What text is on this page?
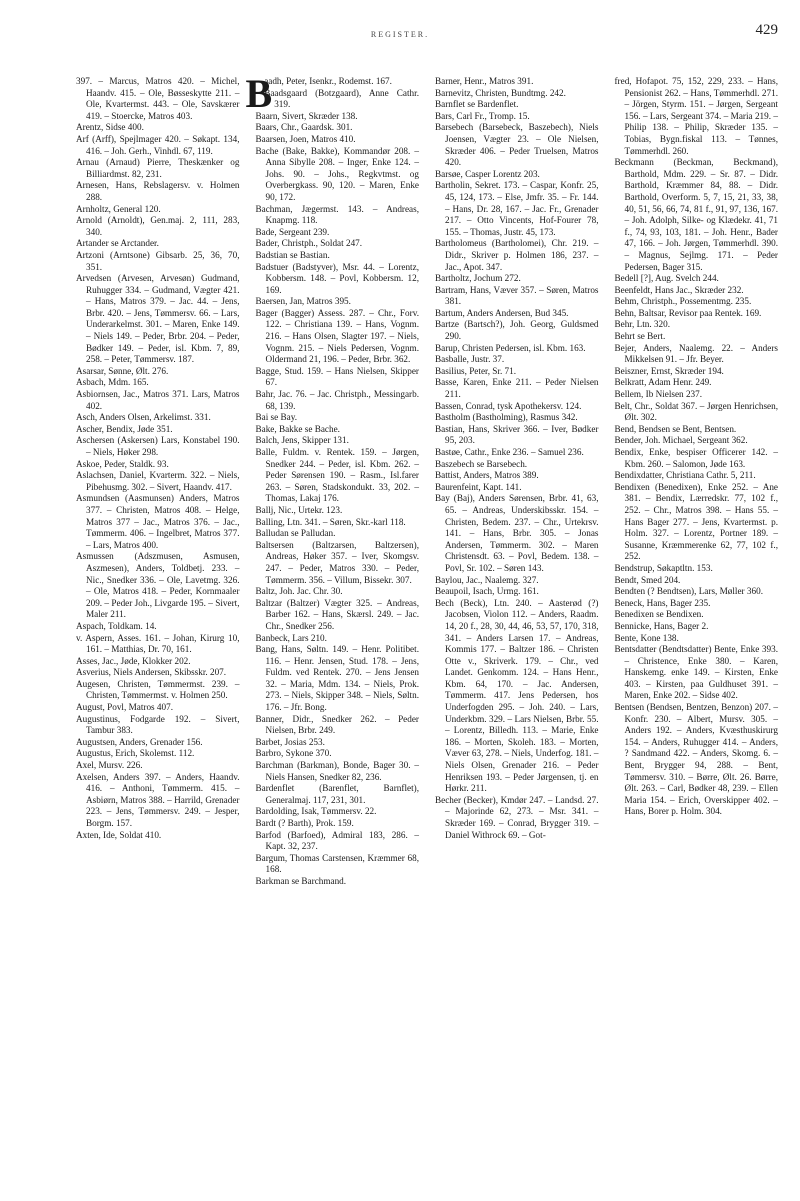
REGISTER.	429

397. – Marcus, Matros 420. – Michel, Haandv. 415. – Ole, Bøsseskytte 211. – Ole, Kvartermst. 443. – Ole, Savskærer 419. – Stoercke, Matros 403.

Arentz, Sidse 400.

Arf (Arff), Spejlmager 420. – Søkapt. 134, 416. – Joh. Gerh., Vinhdl. 67, 119.

Arnau (Arnaud) Pierre, Theskænker og Billiardmst. 82, 231.

Arnesen, Hans, Rebslagersv. v. Holmen 288.

Arnholtz, General 120.

Arnold (Arnoldt), Gen.maj. 2, 111, 283, 340.

Artander se Arctander.

Artzoni (Arntsone) Gibsarb. 25, 36, 70, 351.

Arvedsen (Arvesen, Arvesøn) Gudmand, Ruhugger 334. – Gudmand, Vægter 421. – Hans, Matros 379. – Jac. 44. – Jens, Brbr. 420. – Jens, Tømmersv. 66. – Lars, Underarkelmst. 301. – Maren, Enke 149. – Niels 149. – Peder, Brbr. 204. – Peder, Bødker 149. – Peder, isl. Kbm. 7, 89, 258. – Peter, Tømmersv. 187.

Asarsar, Sønne, Ølt. 276.

Asbach, Mdm. 165.

Asbiornsen, Jac., Matros 371. Lars, Matros 402.

Asch, Anders Olsen, Arkelimst. 331.

Ascher, Bendix, Jøde 351.

Aschersen (Askersen) Lars, Konstabel 190. – Niels, Høker 298.

Askoe, Peder, Staldk. 93.

Aslachsen, Daniel, Kvarterm. 322. – Niels, Pibehusmg. 302. – Sivert, Haandv. 417.

Asmundsen (Aasmunsen) Anders, Matros 377. – Christen, Matros 408. – Helge, Matros 377 – Jac., Matros 376. – Jac., Tømmerm. 406. – Ingelbret, Matros 377. – Lars, Matros 400.

Asmussen (Adszmusen, Asmusen, Aszmesen), Anders, Toldbetj. 233. – Nic., Snedker 336. – Ole, Lavetmg. 326. – Ole, Matros 418. – Peder, Kornmaaler 209. – Peder Joh., Livgarde 195. – Sivert, Maler 211.

Aspach, Toldkam. 14.

v. Aspern, Asses. 161. – Johan, Kirurg 10, 161. – Matthias, Dr. 70, 161.

Asses, Jac., Jøde, Klokker 202.

Asverius, Niels Andersen, Skibsskr. 207.

Augesen, Christen, Tømmermst. 239. – Christen, Tømmermst. v. Holmen 250.

August, Povl, Matros 407.

Augustinus, Fodgarde 192. – Sivert, Tambur 383.

Augustsen, Anders, Grenader 156.

Augustus, Erich, Skolemst. 112.

Axel, Mursv. 226.

Axelsen, Anders 397. – Anders, Haandv. 416. – Anthoni, Tømmerm. 415. – Asbiørn, Matros 388. – Harrild, Grenader 223. – Jens, Tømmersv. 249. – Jesper, Borgm. 157.

Axten, Ide, Soldat 410.

B
aadh, Peter, Isenkr., Rodemst. 167.

Baadsgaard (Botzgaard), Anne Cathr. 319.

Baarn, Sivert, Skræder 138.

Baars, Chr., Gaardsk. 301.

Baarsen, Joen, Matros 410.

Bache (Bake, Bakke), Kommandør 208. – Anna Sibylle 208. – Inger, Enke 124. – Johs. 90. – Johs., Regkvtmst. og Overbergkass. 90, 120. – Maren, Enke 90, 172.

Bachman, Jægermst. 143. – Andreas, Knapmg. 118.

Bade, Sergeant 239.

Bader, Christph., Soldat 247.

Badstian se Bastian.

Badstuer (Badstyver), Msr. 44. – Lorentz, Kobbersm. 148. – Povl, Kobbersm. 12, 169.

Baersen, Jan, Matros 395.

Bager (Bagger) Assess. 287. – Chr., Forv. 122. – Christiana 139. – Hans, Vognm. 216. – Hans Olsen, Slagter 197. – Niels, Vognm. 215. – Niels Pedersen, Vognm. Oldermand 21, 196. – Peder, Brbr. 362.

Bagge, Stud. 159. – Hans Nielsen, Skipper 67.

Bahr, Jac. 76. – Jac. Christph., Messingarb. 68, 139.

Bai se Bay.

Bake, Bakke se Bache.

Balch, Jens, Skipper 131.

Balle, Fuldm. v. Rentek. 159. – Jørgen, Snedker 244. – Peder, isl. Kbm. 262. – Peder Sørensen 190. – Rasm., Isl.farer 263. – Søren, Stadskondukt. 33, 202. – Thomas, Lakaj 176.

Ballj, Nic., Urtekr. 123.

Balling, Ltn. 341. – Søren, Skr.-karl 118.

Balludan se Palludan.

Baltsersen (Baltzarsen, Baltzersen), Andreas, Høker 357. – Iver, Skomgsv. 247. – Peder, Matros 330. – Peder, Tømmerm. 356. – Villum, Bissekr. 307.

Baltz, Joh. Jac. Chr. 30.

Baltzar (Baltzer) Vægter 325. – Andreas, Barber 162. – Hans, Skærsl. 249. – Jac. Chr., Snedker 256.

Banbeck, Lars 210.

Bang, Hans, Søltn. 149. – Henr. Politibet. 116. – Henr. Jensen, Stud. 178. – Jens, Fuldm. ved Rentek. 270. – Jens Jensen 32. – Maria, Mdm. 134. – Niels, Prok. 273. – Niels, Skipper 348. – Niels, Søltn. 176. – Jfr. Bong.

Banner, Didr., Snedker 262. – Peder Nielsen, Brbr. 249.

Barbet, Josias 253.

Barbro, Sykone 370.

Barchman (Barkman), Bonde, Bager 30. – Niels Hansen, Snedker 82, 236.

Bardenflet (Barenflet, Barnflet), Generalmaj. 117, 231, 301.

Bardolding, Isak, Tømmersv. 22.

Bardt (? Barth), Prok. 159.

Barfod (Barfoed), Admiral 183, 286. – Kapt. 32, 237.

Bargum, Thomas Carstensen, Kræmmer 68, 168.

Barkman se Barchmand.

Barner, Henr., Matros 391.

Barnevitz, Christen, Bundtmg. 242.

Barnflet se Bardenflet.

Bars, Carl Fr., Tromp. 15.

Barsebech (Barsebeck, Baszebech), Niels Joensen, Vægter 23. – Ole Nielsen, Skræder 406. – Peder Truelsen, Matros 420.

Barsøe, Casper Lorentz 203.

Bartholin, Sekret. 173. – Caspar, Konfr. 25, 45, 124, 173. – Else, Jmfr. 35. – Fr. 144. – Hans, Dr. 28, 167. – Jac. Fr., Grenader 217. – Otto Vincents, Hof-Fourer 78, 155. – Thomas, Justr. 45, 173.

Bartholomeus (Bartholomei), Chr. 219. – Didr., Skriver p. Holmen 186, 237. – Jac., Apot. 347.

Bartholtz, Jochum 272.

Bartram, Hans, Væver 357. – Søren, Matros 381.

Bartum, Anders Andersen, Bud 345.

Bartze (Bartsch?), Joh. Georg, Guldsmed 290.

Barup, Christen Pedersen, isl. Kbm. 163.

Basballe, Justr. 37.

Basilius, Peter, Sr. 71.

Basse, Karen, Enke 211. – Peder Nielsen 211.

Bassen, Conrad, tysk Apothekersv. 124.

Bastholm (Bastholming), Rasmus 342.

Bastian, Hans, Skriver 366. – Iver, Bødker 95, 203.

Bastøe, Cathr., Enke 236. – Samuel 236.

Baszebech se Barsebech.

Battist, Anders, Matros 389.

Baurenfeint, Kapt. 141.

Bay (Baj), Anders Sørensen, Brbr. 41, 63, 65. – Andreas, Underskibsskr. 154. – Christen, Bedem. 237. – Chr., Urtekrsv. 141. – Hans, Brbr. 305. – Jonas Andersen, Tømmerm. 302. – Maren Christensdt. 63. – Povl, Bedem. 138. – Povl, Sr. 102. – Søren 143.

Baylou, Jac., Naalemg. 327.

Beaupoil, Isach, Urmg. 161.

Bech (Beck), Ltn. 240. – Aasterød (?) Jacobsen, Violon 112. – Anders, Raadm. 14, 20 f., 28, 30, 44, 46, 53, 57, 170, 318, 341. – Anders Larsen 17. – Andreas, Kommis 177. – Baltzer 186. – Christen Otte v., Skriverk. 179. – Chr., ved Landet. Genkomm. 124. – Hans Henr., Kbm. 64, 170. – Jac. Andersen, Tømmerm. 417. Jens Pedersen, hos Underfogden 295. – Joh. 240. – Lars, Underkbm. 329. – Lars Nielsen, Brbr. 55. – Lorentz, Billedh. 113. – Marie, Enke 186. – Morten, Skoleh. 183. – Morten, Væver 63, 278. – Niels, Underfog. 181. – Niels Olsen, Grenader 216. – Peder Henriksen 193. – Peder Jørgensen, tj. en Hørkr. 211.

Becher (Becker), Kmdør 247. – Landsd. 27. – Majorinde 62, 273. – Msr. 341. – Skræder 169. – Conrad, Brygger 319. – Daniel Withrock 69. – Got-

fred, Hofapot. 75, 152, 229, 233. – Hans, Pensionist 262. – Hans, Tømmerhdl. 271. – Jörgen, Styrm. 151. – Jørgen, Sergeant 156. – Lars, Sergeant 374. – Maria 219. – Philip 138. – Philip, Skræder 135. – Tobias, Bygn.fiskal 113. – Tønnes, Tømmerhdl. 260.

Beckmann (Beckman, Beckmand), Barthold, Mdm. 229. – Sr. 87. – Didr. Barthold, Kræmmer 84, 88. – Didr. Barthold, Overform. 5, 7, 15, 21, 33, 38, 40, 51, 56, 66, 74, 81 f., 91, 97, 136, 167. – Joh. Adolph, Silke- og Klædekr. 41, 71 f., 74, 93, 103, 181. – Joh. Henr., Bader 47, 166. – Joh. Jørgen, Tømmerhdl. 390. – Magnus, Sejlmg. 171. – Peder Pedersen, Bager 315.

Bedell [?], Aug. Svelch 244.

Beenfeldt, Hans Jac., Skræder 232.

Behm, Christph., Possementmg. 235.

Behn, Baltsar, Revisor paa Rentek. 169.

Behr, Ltn. 320.

Behrt se Bert.

Bejer, Anders, Naalemg. 22. – Anders Mikkelsen 91. – Jfr. Beyer.

Beiszner, Ernst, Skræder 194.

Belkratt, Adam Henr. 249.

Bellem, Ib Nielsen 237.

Belt, Chr., Soldat 367. – Jørgen Henrichsen, Ølt. 302.

Bend, Bendsen se Bent, Bentsen.

Bender, Joh. Michael, Sergeant 362.

Bendix, Enke, bespiser Officerer 142. – Kbm. 260. – Salomon, Jøde 163.

Bendixdatter, Christiana Cathr. 5, 211.

Bendixen (Benedixen), Enke 252. – Ane 381. – Bendix, Lærredskr. 77, 102 f., 252. – Chr., Matros 398. – Hans 55. – Hans Bager 277. – Jens, Kvartermst. p. Holm. 327. – Lorentz, Portner 189. – Susanne, Kræmmerenke 62, 77, 102 f., 252.

Bendstrup, Søkaptltn. 153.

Bendt, Smed 204.

Bendten (? Bendtsen), Lars, Møller 360.

Beneck, Hans, Bager 235.

Benedixen se Bendixen.

Bennicke, Hans, Bager 2.

Bente, Kone 138.

Bentsdatter (Bendtsdatter) Bente, Enke 393. – Christence, Enke 380. – Karen, Hanskemg. enke 149. – Kirsten, Enke 403. – Kirsten, paa Guldhuset 391. – Maren, Enke 202. – Sidse 402.

Bentsen (Bendsen, Bentzen, Benzon) 207. – Konfr. 230. – Albert, Mursv. 305. – Anders 192. – Anders, Kvæsthuskirurg 154. – Anders, Ruhugger 414. – Anders, ? Sandmand 422. – Anders, Skomg. 6. – Bent, Brygger 94, 288. – Bent, Tømmersv. 310. – Børre, Ølt. 26. Børre, Ølt. 263. – Carl, Bødker 48, 239. – Ellen Maria 154. – Erich, Overskipper 402. – Hans, Borer p. Holm. 304.
